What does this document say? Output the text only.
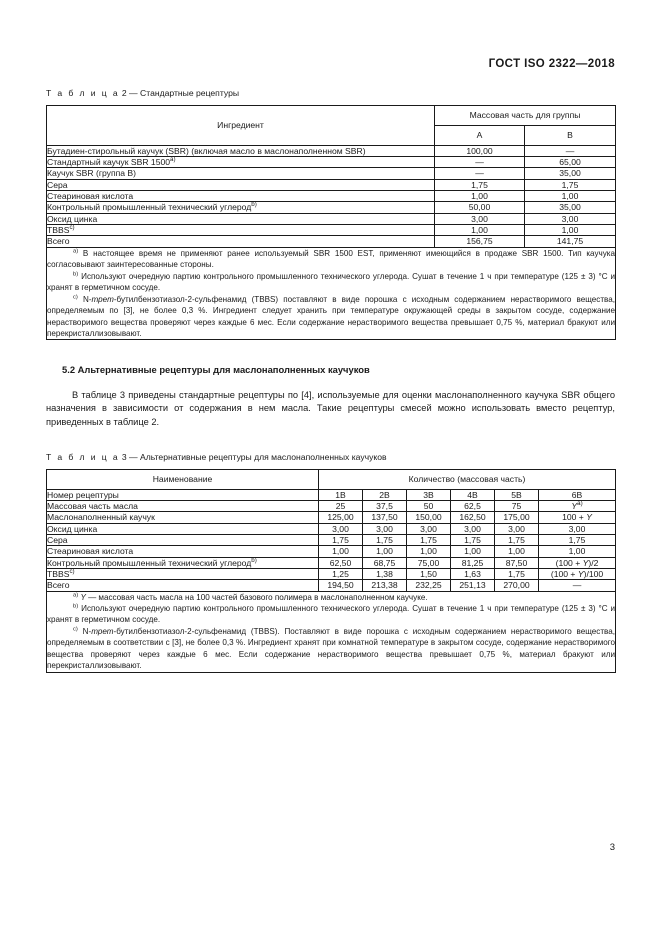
ГОСТ ISO 2322—2018
Т а б л и ц а 2 — Стандартные рецептуры
Ингредиент	Массовая часть для группы	

	A	B

Бутадиен-стирольный каучук (SBR) (включая масло в маслонаполненном SBR)	100,00	—
Стандартный каучук SBR 1500$^{a)}$	—	65,00
Каучук SBR (группа B)	—	35,00
Сера	1,75	1,75
Стеариновая кислота	1,00	1,00
Контрольный промышленный технический углерод$^{b)}$	50,00	35,00
Оксид цинка	3,00	3,00
TBBS$^{c)}$	1,00	1,00
Всего	156,75	141,75

$^{a)}$ В настоящее время не применяют ранее используемый SBR 1500 EST, применяют имеющийся в продаже SBR 1500. Тип каучука согласовывают заинтересованные стороны.

$^{b)}$ Используют очередную партию контрольного промышленного технического углерода. Сушат в течение 1 ч при температуре (125 ± 3) °С и хранят в герметичном сосуде.

$^{c)}$ N-трет-бутилбензотиазол-2-сульфенамид (TBBS) поставляют в виде порошка с исходным содержанием нерастворимого вещества, определяемым по [3], не более 0,3 %. Ингредиент следует хранить при температуре окружающей среды в закрытом сосуде, содержание нерастворимого вещества проверяют через каждые 6 мес. Если содержание нерастворимого вещества превышает 0,75 %, материал бракуют или перекристаллизовывают.		

5.2 Альтернативные рецептуры для маслонаполненных каучуков

В таблице 3 приведены стандартные рецептуры по [4], используемые для оценки маслонаполненного каучука SBR общего назначения в зависимости от содержания в нем масла. Такие рецептуры смесей можно использовать вместо рецептур, приведенных в таблице 2.

Т а б л и ц а 3 — Альтернативные рецептуры для маслонаполненных каучуков
Наименование	Количество (массовая часть)					

Номер рецептуры	1B	2B	3B	4B	5B	6B
Массовая часть масла	25	37,5	50	62,5	75	$Y^{a)}$
Маслонаполненный каучук	125,00	137,50	150,00	162,50	175,00	100 + Y
Оксид цинка	3,00	3,00	3,00	3,00	3,00	3,00
Сера	1,75	1,75	1,75	1,75	1,75	1,75
Стеариновая кислота	1,00	1,00	1,00	1,00	1,00	1,00
Контрольный промышленный технический углерод$^{b)}$	62,50	68,75	75,00	81,25	87,50	(100 + Y)/2
TBBS$^{c)}$	1,25	1,38	1,50	1,63	1,75	(100 + Y)/100
Всего	194,50	213,38	232,25	251,13	270,00	—

$^{a)}$ Y — массовая часть масла на 100 частей базового полимера в маслонаполненном каучуке.

$^{b)}$ Используют очередную партию контрольного промышленного технического углерода. Сушат в течение 1 ч при температуре (125 ± 3) °С и хранят в герметичном сосуде.

$^{c)}$ N-трет-бутилбензотиазол-2-сульфенамид (TBBS). Поставляют в виде порошка с исходным содержанием нерастворимого вещества, определяемым в соответствии с [3], не более 0,3 %. Ингредиент хранят при комнатной температуре в закрытом сосуде, содержание нерастворимого вещества проверяют через каждые 6 мес. Если содержание нерастворимого вещества превышает 0,75 %, материал бракуют или перекристаллизовывают.						

3
